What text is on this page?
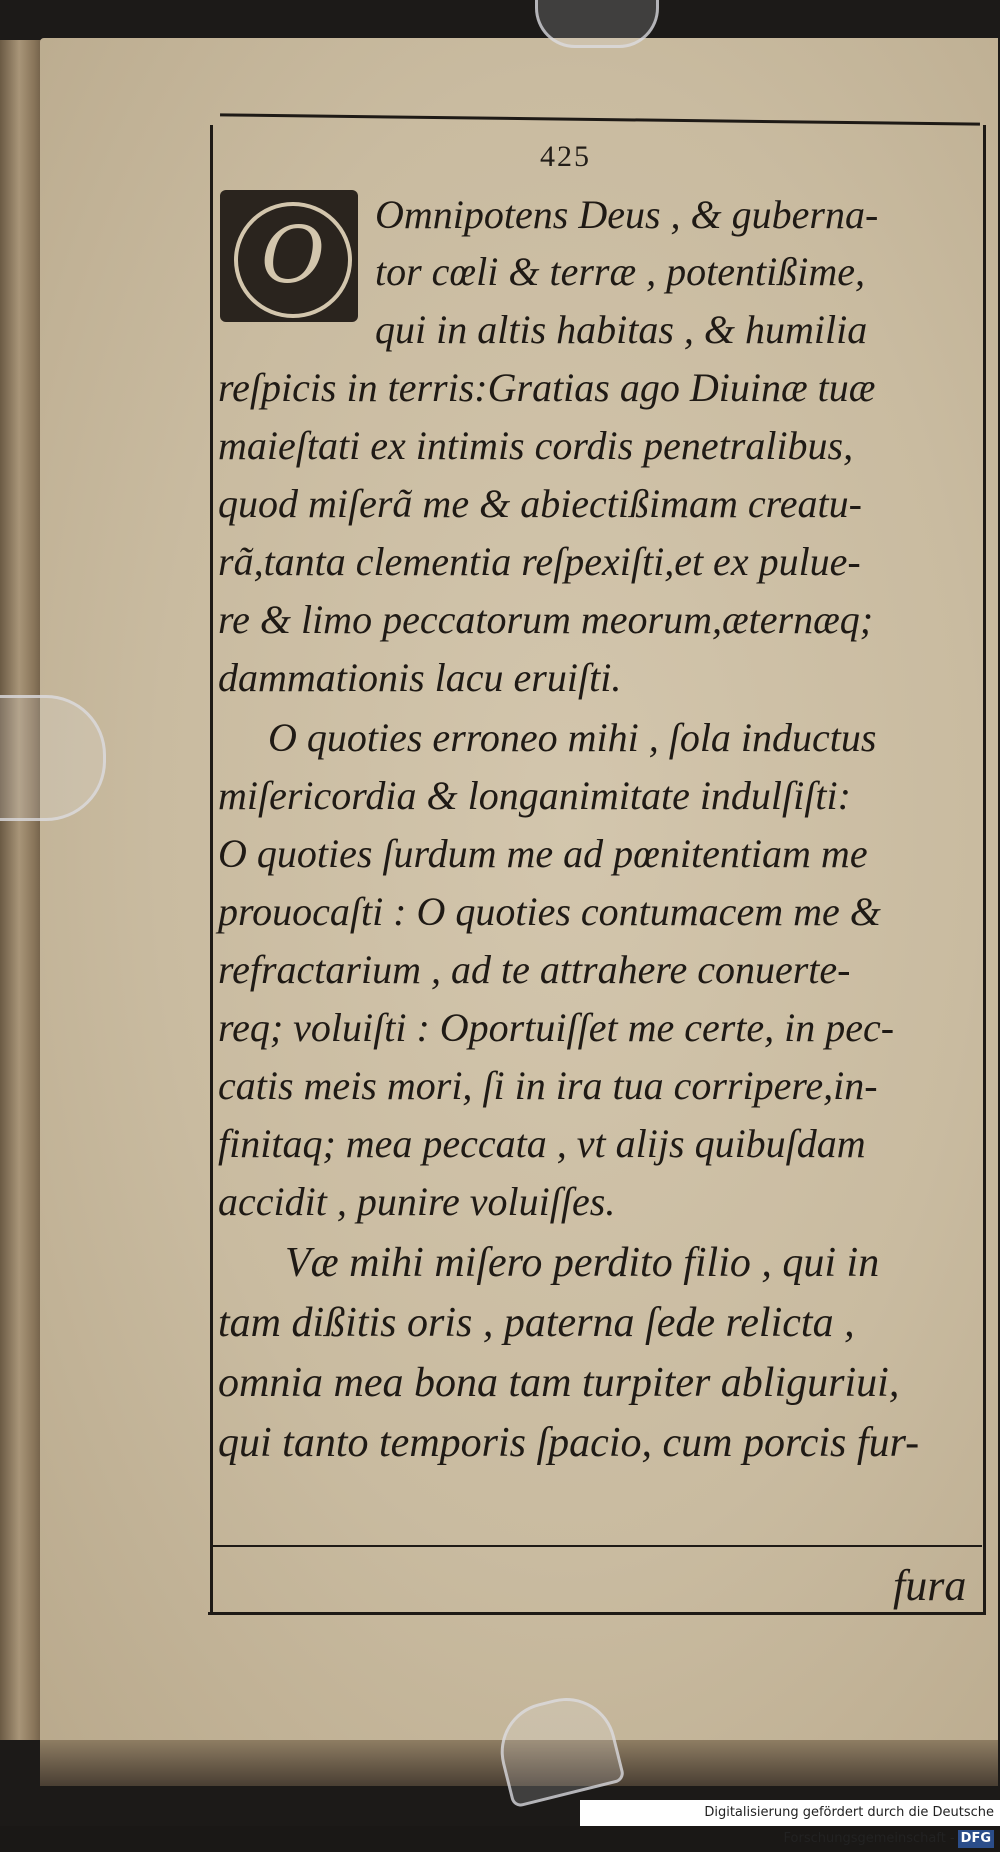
425
O	Omnipotens Deus , & guberna-
tor cœli & terræ , potentißime,
qui in altis habitas , & humilia
reſpicis in terris:Gratias ago Diuinæ tuæ
maieſtati ex intimis cordis penetralibus,
quod miſerã me & abiectißimam creatu-
rã,tanta clementia reſpexiſti,et ex pulue-
re & limo peccatorum meorum,æternæq;
dammationis lacu eruiſti.
O quoties erroneo mihi , ſola inductus
miſericordia & longanimitate indulſiſti:
O quoties ſurdum me ad pœnitentiam me
prouocaſti : O quoties contumacem me &
refractarium , ad te attrahere conuerte-
req; voluiſti : Oportuiſſet me certe, in pec-
catis meis mori, ſi in ira tua corripere,in-
finitaq; mea peccata , vt alijs quibuſdam
accidit , punire voluiſſes.
Væ mihi miſero perdito filio , qui in
tam dißitis oris , paterna ſede relicta ,
omnia mea bona tam turpiter abliguriui,
qui tanto temporis ſpacio, cum porcis fur-
fura
Digitalisierung gefördert durch die Deutsche Forschungsgemeinschaft - DFG
